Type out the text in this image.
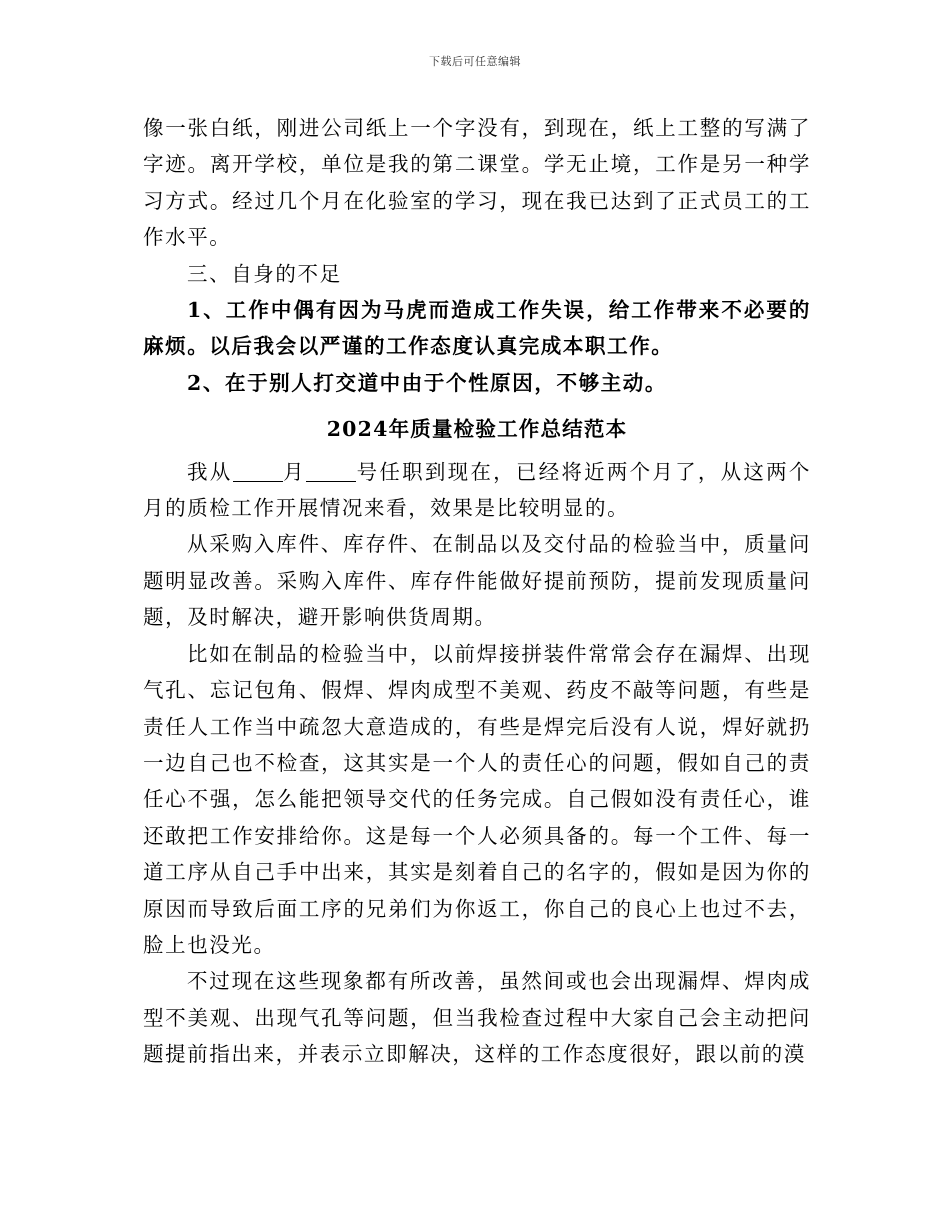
下载后可任意编辑

像一张白纸，刚进公司纸上一个字没有，到现在，纸上工整的写满了字迹。离开学校，单位是我的第二课堂。学无止境，工作是另一种学习方式。经过几个月在化验室的学习，现在我已达到了正式员工的工作水平。

三、自身的不足

1、工作中偶有因为马虎而造成工作失误，给工作带来不必要的麻烦。以后我会以严谨的工作态度认真完成本职工作。

2、在于别人打交道中由于个性原因，不够主动。

2024年质量检验工作总结范本

我从 月 号任职到现在，已经将近两个月了，从这两个月的质检工作开展情况来看，效果是比较明显的。

从采购入库件、库存件、在制品以及交付品的检验当中，质量问题明显改善。采购入库件、库存件能做好提前预防，提前发现质量问题，及时解决，避开影响供货周期。

比如在制品的检验当中，以前焊接拼装件常常会存在漏焊、出现气孔、忘记包角、假焊、焊肉成型不美观、药皮不敲等问题，有些是责任人工作当中疏忽大意造成的，有些是焊完后没有人说，焊好就扔一边自己也不检查，这其实是一个人的责任心的问题，假如自己的责任心不强，怎么能把领导交代的任务完成。自己假如没有责任心，谁还敢把工作安排给你。这是每一个人必须具备的。每一个工件、每一道工序从自己手中出来，其实是刻着自己的名字的，假如是因为你的原因而导致后面工序的兄弟们为你返工，你自己的良心上也过不去，脸上也没光。

不过现在这些现象都有所改善，虽然间或也会出现漏焊、焊肉成型不美观、出现气孔等问题，但当我检查过程中大家自己会主动把问题提前指出来，并表示立即解决，这样的工作态度很好，跟以前的漠
